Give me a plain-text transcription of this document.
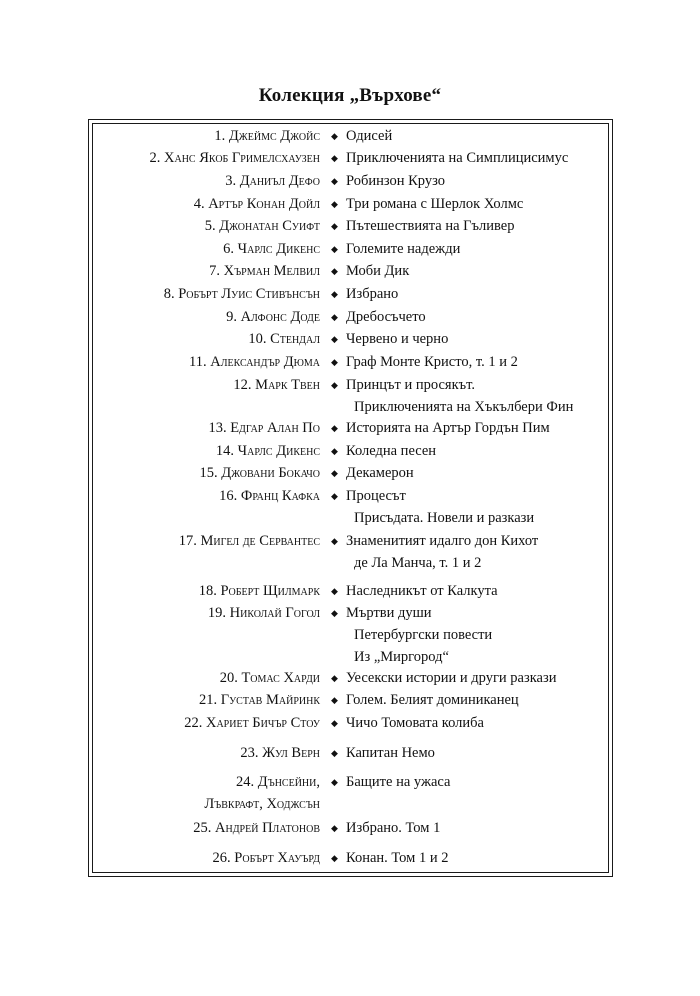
Колекция „Върхове“
1. Джеймс Джойс ◆ Одисей
2. Ханс Якоб Гримелсхаузен ◆ Приключенията на Симплицисимус
3. Даниъл Дефо ◆ Робинзон Крузо
4. Артър Конан Дойл ◆ Три романа с Шерлок Холмс
5. Джонатан Суифт ◆ Пътешествията на Гъливер
6. Чарлс Дикенс ◆ Големите надежди
7. Хърман Мелвил ◆ Моби Дик
8. Робърт Луис Стивънсън ◆ Избрано
9. Алфонс Доде ◆ Дребосъчето
10. Стендал ◆ Червено и черно
11. Александър Дюма ◆ Граф Монте Кристо, т. 1 и 2
12. Марк Твен ◆ Принцът и просякът.
Приключенията на Хъкълбери Фин
13. Едгар Алан По ◆ Историята на Артър Гордън Пим
14. Чарлс Дикенс ◆ Коледна песен
15. Джовани Бокачо ◆ Декамерон
16. Франц Кафка ◆ Процесът
Присъдата. Новели и разкази
17. Мигел де Сервантес ◆ Знаменитият идалго дон Кихот
де Ла Манча, т. 1 и 2
18. Роберт Щилмарк ◆ Наследникът от Калкута
19. Николай Гогол ◆ Мъртви души
Петербургски повести
Из „Миргород“
20. Томас Харди ◆ Уесекски истории и други разкази
21. Густав Майринк ◆ Голем. Белият доминиканец
22. Хариет Бичър Стоу ◆ Чичо Томовата колиба
23. Жул Верн ◆ Капитан Немо
24. Дънсейни,
Лъвкрафт, Ходжсън
◆ Бащите на ужаса
25. Андрей Платонов ◆ Избрано. Том 1
26. Робърт Хауърд ◆ Конан. Том 1 и 2
